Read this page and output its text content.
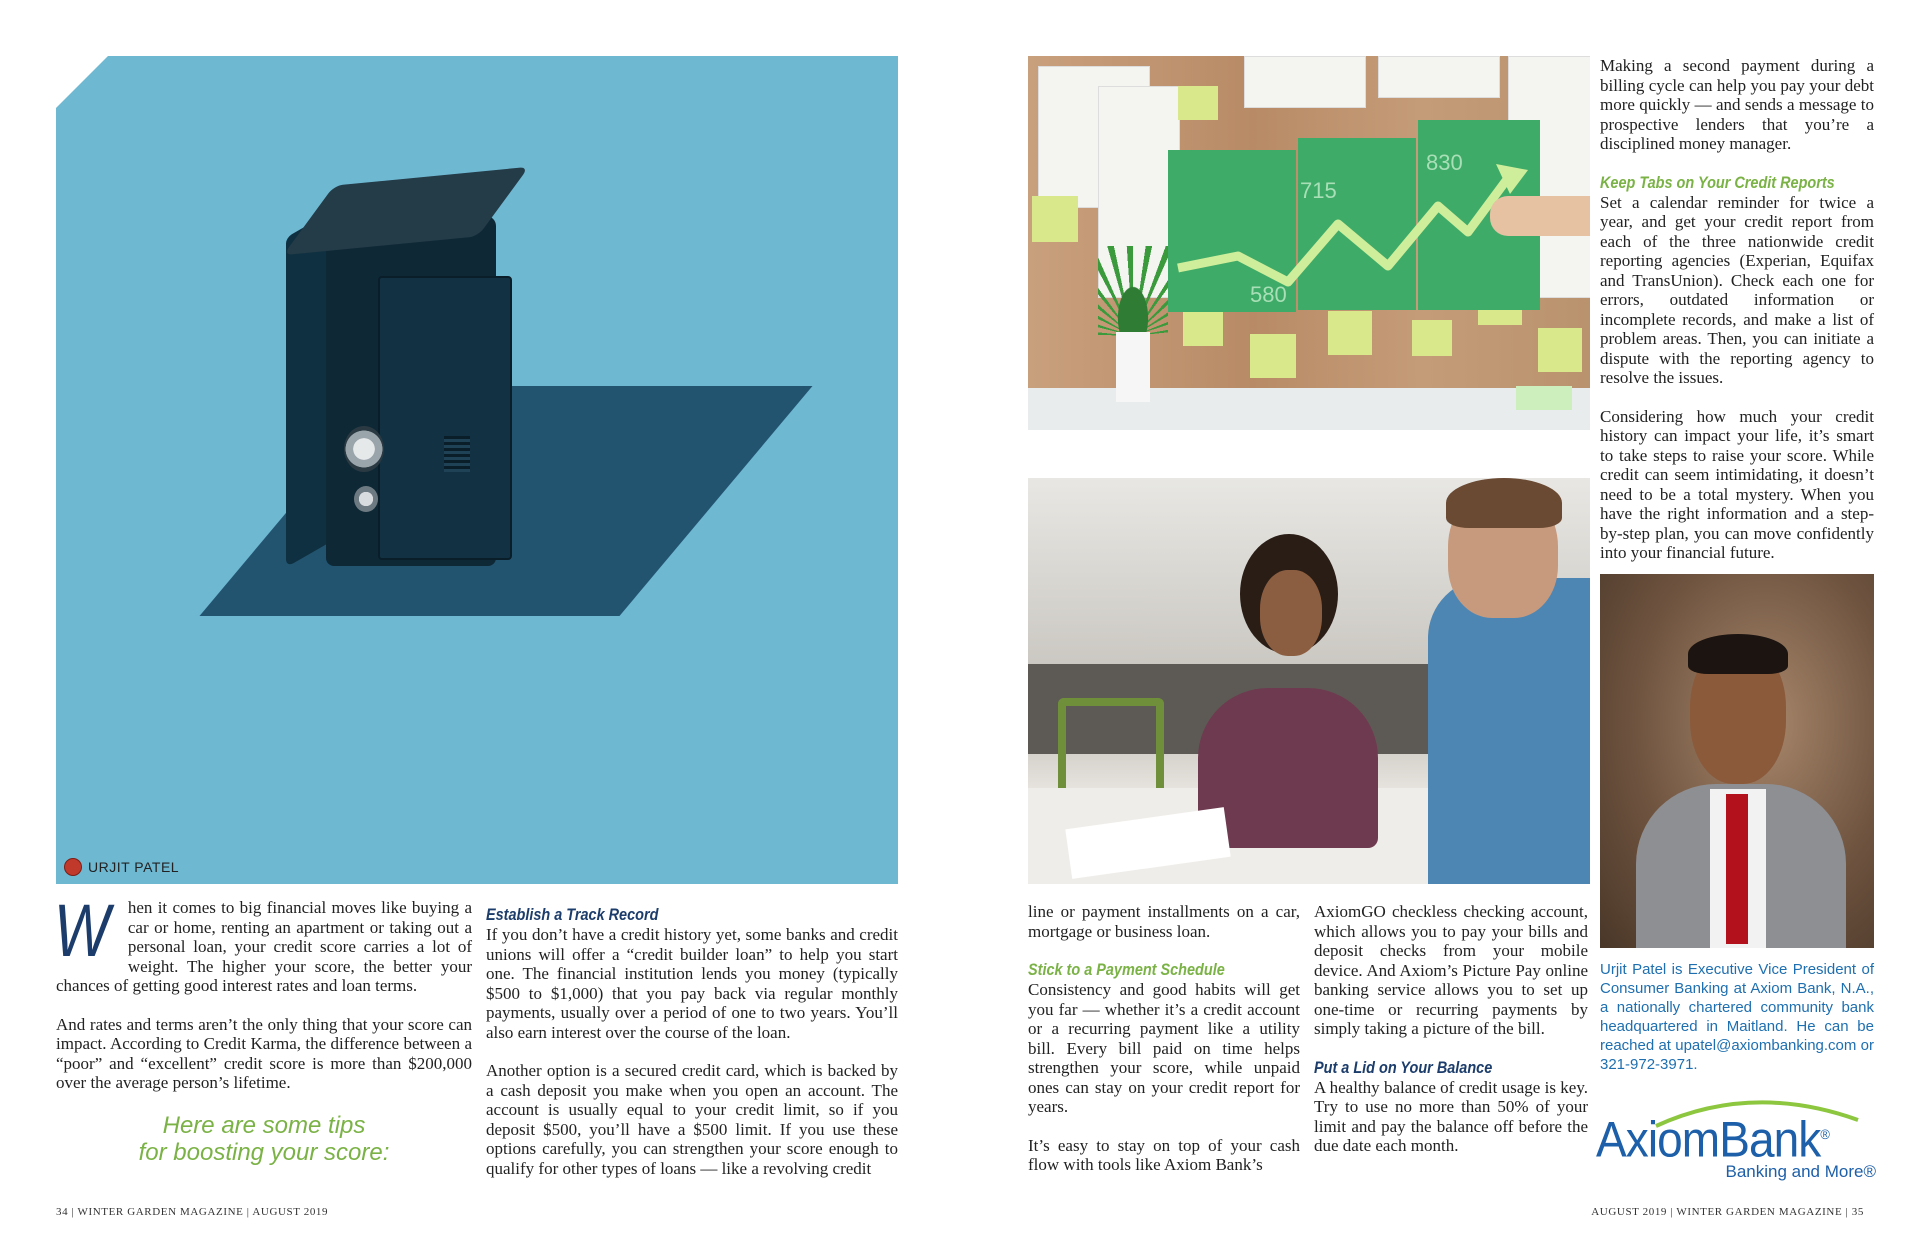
URJIT PATEL

W hen it comes to big financial moves like buying a car or home, renting an apartment or taking out a personal loan, your credit score carries a lot of weight. The higher your score, the better your chances of getting good interest rates and loan terms.

And rates and terms aren’t the only thing that your score can impact. According to Credit Karma, the difference between a “poor” and “excellent” credit score is more than $200,000 over the average person’s lifetime.

Here are some tips
for boosting your score:
Establish a Track Record

If you don’t have a credit history yet, some banks and credit unions will offer a “credit builder loan” to help you start one. The financial institution lends you money (typically $500 to $1,000) that you pay back via regular monthly payments, usually over a period of one to two years. You’ll also earn interest over the course of the loan.

Another option is a secured credit card, which is backed by a cash deposit you make when you open an account. The account is usually equal to your credit limit, so if you deposit $500, you’ll have a $500 limit. If you use these options carefully, you can strengthen your score enough to qualify for other types of loans — like a revolving credit

34 | WINTER GARDEN MAGAZINE | AUGUST 2019
580
715
830

line or payment installments on a car, mortgage or business loan.

Stick to a Payment Schedule

Consistency and good habits will get you far — whether it’s a credit account or a recurring payment like a utility bill. Every bill paid on time helps strengthen your score, while unpaid ones can stay on your credit report for years.

It’s easy to stay on top of your cash flow with tools like Axiom Bank’s

AxiomGO checkless checking account, which allows you to pay your bills and deposit checks from your mobile device. And Axiom’s Picture Pay online banking service allows you to set up one-time or recurring payments by simply taking a picture of the bill.

Put a Lid on Your Balance

A healthy balance of credit usage is key. Try to use no more than 50% of your limit and pay the balance off before the due date each month.

Making a second payment during a billing cycle can help you pay your debt more quickly — and sends a message to prospective lenders that you’re a disciplined money manager.

Keep Tabs on Your Credit Reports

Set a calendar reminder for twice a year, and get your credit report from each of the three nationwide credit reporting agencies (Experian, Equifax and TransUnion). Check each one for errors, outdated information or incomplete records, and make a list of problem areas. Then, you can initiate a dispute with the reporting agency to resolve the issues.

Considering how much your credit history can impact your life, it’s smart to take steps to raise your score. While credit can seem intimidating, it doesn’t need to be a total mystery. When you have the right information and a step-by-step plan, you can move confidently into your financial future.

Urjit Patel is Executive Vice President of Consumer Banking at Axiom Bank, N.A., a nationally chartered community bank headquartered in Maitland. He can be reached at upatel@axiombanking.com or 321-972-3971.
AxiomBank®
Banking and More®
AUGUST 2019 | WINTER GARDEN MAGAZINE | 35
